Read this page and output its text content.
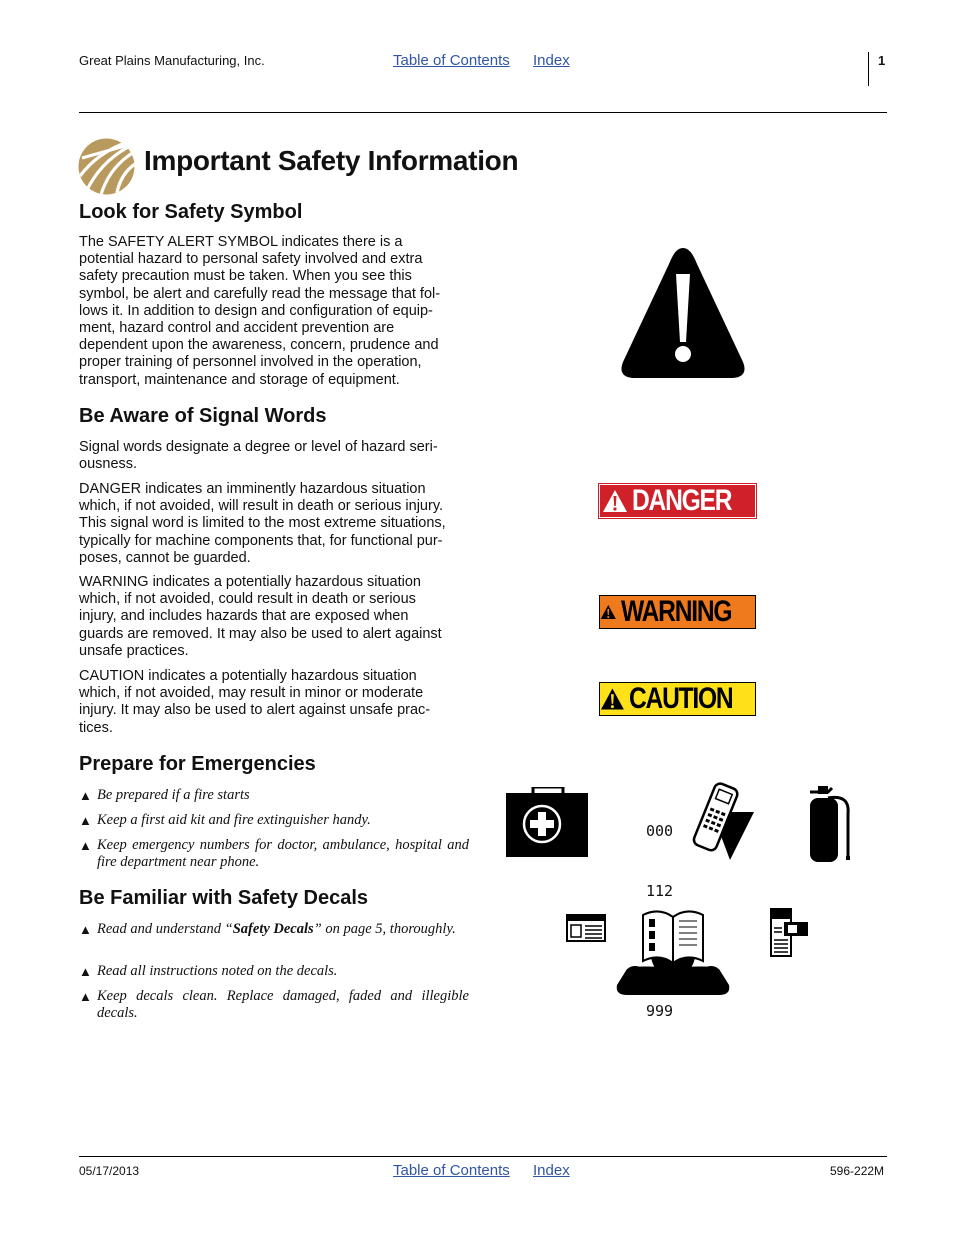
Great Plains Manufacturing, Inc.	Table of Contents Index	1
Important Safety Information
Look for Safety Symbol
The SAFETY ALERT SYMBOL indicates there is a
potential hazard to personal safety involved and extra
safety precaution must be taken. When you see this
symbol, be alert and carefully read the message that fol-
lows it. In addition to design and configuration of equip-
ment, hazard control and accident prevention are
dependent upon the awareness, concern, prudence and
proper training of personnel involved in the operation,
transport, maintenance and storage of equipment.
Be Aware of Signal Words
Signal words designate a degree or level of hazard seri-
ousness.
DANGER indicates an imminently hazardous situation
which, if not avoided, will result in death or serious injury.
This signal word is limited to the most extreme situations,
typically for machine components that, for functional pur-
poses, cannot be guarded.
WARNING indicates a potentially hazardous situation
which, if not avoided, could result in death or serious
injury, and includes hazards that are exposed when
guards are removed. It may also be used to alert against
unsafe practices.
CAUTION indicates a potentially hazardous situation
which, if not avoided, may result in minor or moderate
injury. It may also be used to alert against unsafe prac-
tices.
DANGER
WARNING
CAUTION
Prepare for Emergencies
▲ Be prepared if a fire starts
▲ Keep a first aid kit and fire extinguisher handy.
▲ Keep emergency numbers for doctor, ambulance, hospital and fire department near phone.

000

112

999

Be Familiar with Safety Decals
▲ Read and understand “Safety Decals” on page 5, thoroughly.
▲ Read all instructions noted on the decals.
▲ Keep decals clean. Replace damaged, faded and illegible decals.
05/17/2013	Table of Contents Index	596-222M
